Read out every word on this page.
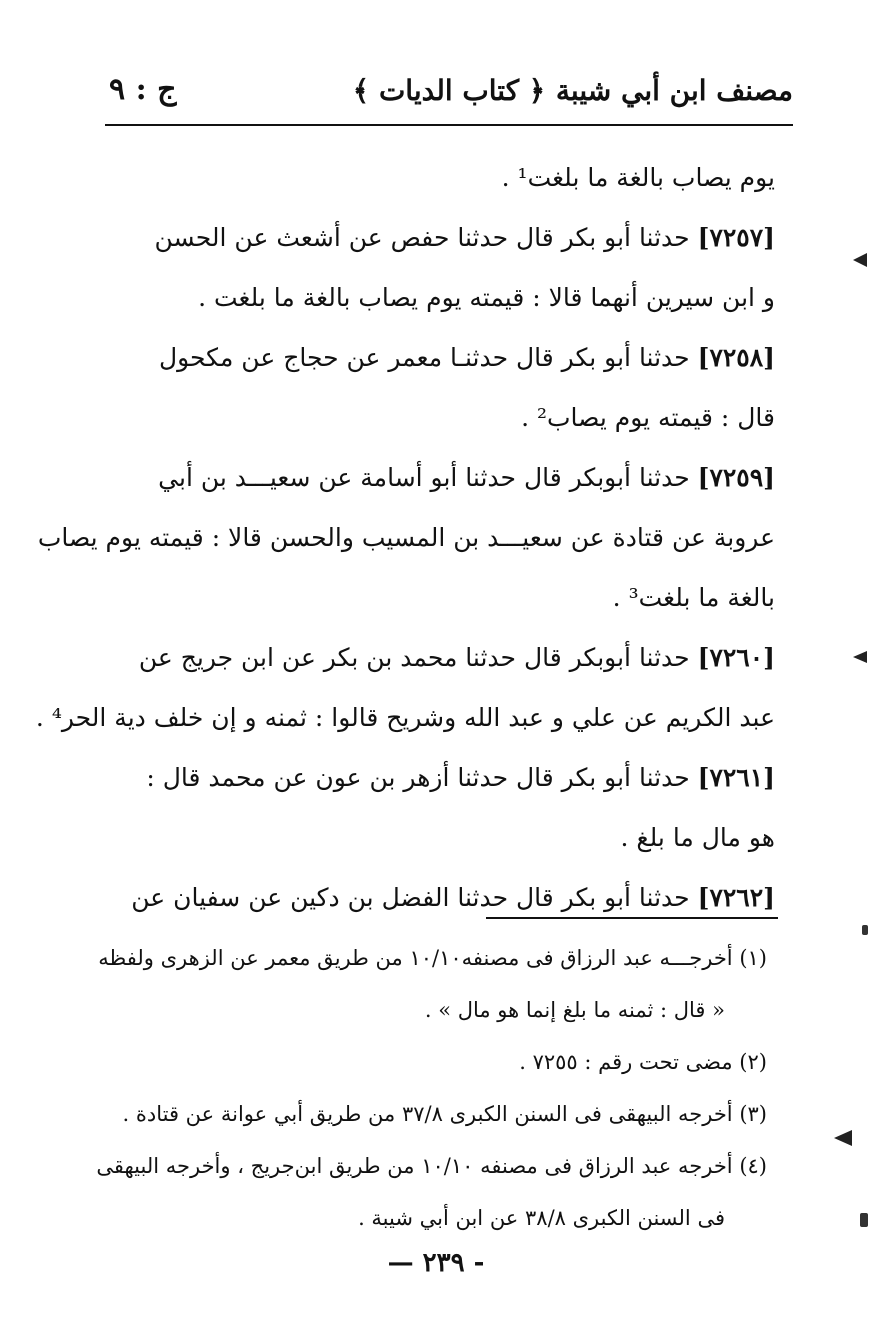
مصنف ابن أبي شيبة
﴿ كتاب الديات ﴾
ج : ٩
يوم يصاب بالغة ما بلغت¹ .
[٧٢٥٧] حدثنا أبو بكر قال حدثنا حفص عن أشعث عن الحسن
و ابن سيرين أنهما قالا : قيمته يوم يصاب بالغة ما بلغت .
[٧٢٥٨] حدثنا أبو بكر قال حدثنـا معمر عن حجاج عن مكحول
قال : قيمته يوم يصاب² .
[٧٢٥٩] حدثنا أبوبكر قال حدثنا أبو أسامة عن سعيـــد بن أبي
عروبة عن قتادة عن سعيـــد بن المسيب والحسن قالا : قيمته يوم يصاب
بالغة ما بلغت³ .
[٧٢٦٠] حدثنا أبوبكر قال حدثنا محمد بن بكر عن ابن جريج عن
عبد الكريم عن علي و عبد الله وشريح قالوا : ثمنه و إن خلف دية الحر⁴ .
[٧٢٦١] حدثنا أبو بكر قال حدثنا أزهر بن عون عن محمد قال :
هو مال ما بلغ .
[٧٢٦٢] حدثنا أبو بكر قال حدثنا الفضل بن دكين عن سفيان عن
(١) أخرجـــه عبد الرزاق فى مصنفه١٠/١٠ من طريق معمر عن الزهرى ولفظه
« قال : ثمنه ما بلغ إنما هو مال » .
(٢) مضى تحت رقم : ٧٢٥٥ .
(٣) أخرجه البيهقى فى السنن الكبرى ٣٧/٨ من طريق أبي عوانة عن قتادة .
(٤) أخرجه عبد الرزاق فى مصنفه ١٠/١٠ من طريق ابن‌جريج ، وأخرجه البيهقى
فى السنن الكبرى ٣٨/٨ عن ابن أبي شيبة .
— ٢٣٩ -
